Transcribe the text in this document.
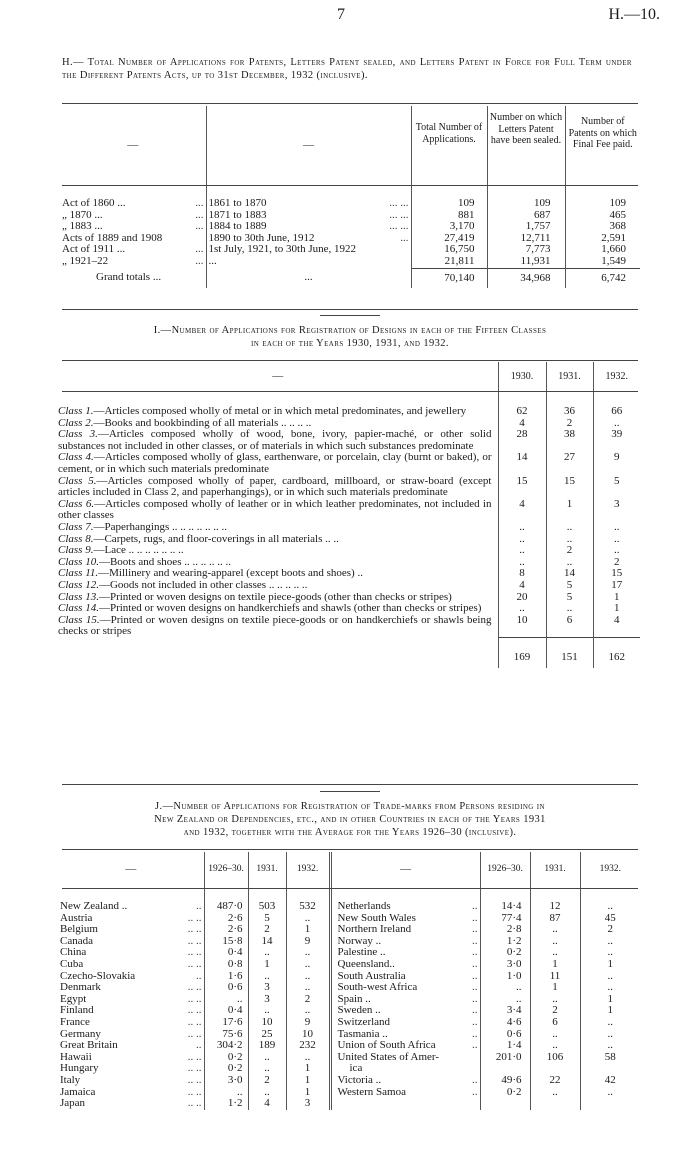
7	H.—10.
H.— Total Number of Applications for Patents, Letters Patent sealed, and Letters Patent in Force for Full Term under the Different Patents Acts, up to 31st December, 1932 (inclusive).
—	—	Total Number of Applications.	Number on which Letters Patent have been sealed.	Number of Patents on which Final Fee paid.
Act of 1860 ... ...	1861 to 1870 ... ...	109	109	109
„ 1870 ... ...	1871 to 1883 ... ...	881	687	465
„ 1883 ... ...	1884 to 1889 ... ...	3,170	1,757	368
Acts of 1889 and 1908	1890 to 30th June, 1912 ...	27,419	12,711	2,591
Act of 1911 ... ...	1st July, 1921, to 30th June, 1922	16,750	7,773	1,660
„ 1921–22 ...	...	21,811	11,931	1,549
Grand totals ...	...	70,140	34,968	6,742
I.—Number of Applications for Registration of Designs in each of the Fifteen Classes
in each of the Years 1930, 1931, and 1932.
—	1930.	1931.	1932.

Class 1.—Articles composed wholly of metal or in which metal predominates, and jewellery	62	36	66
Class 2.—Books and bookbinding of all materials .. .. .. ..	4	2	..
Class 3.—Articles composed wholly of wood, bone, ivory, papier-maché, or other solid substances not included in other classes, or of materials in which such substances predominate	28	38	39
Class 4.—Articles composed wholly of glass, earthenware, or porcelain, clay (burnt or baked), or cement, or in which such materials predominate	14	27	9
Class 5.—Articles composed wholly of paper, cardboard, millboard, or straw-board (except articles included in Class 2, and paperhangings), or in which such materials predominate	15	15	5
Class 6.—Articles composed wholly of leather or in which leather predominates, not included in other classes	4	1	3
Class 7.—Paperhangings .. .. .. .. .. .. ..	..	..	..
Class 8.—Carpets, rugs, and floor-coverings in all materials .. ..	..	..	..
Class 9.—Lace .. .. .. .. .. .. ..	..	2	..
Class 10.—Boots and shoes .. .. .. .. .. ..	..	..	2
Class 11.—Millinery and wearing-apparel (except boots and shoes) ..	8	14	15
Class 12.—Goods not included in other classes .. .. .. .. ..	4	5	17
Class 13.—Printed or woven designs on textile piece-goods (other than checks or stripes)	20	5	1
Class 14.—Printed or woven designs on handkerchiefs and shawls (other than checks or stripes)	..	..	1
Class 15.—Printed or woven designs on textile piece-goods or on handkerchiefs or shawls being checks or stripes	10	6	4
	169	151	162
J.—Number of Applications for Registration of Trade-marks from Persons residing in
New Zealand or Dependencies, etc., and in other Countries in each of the Years 1931
and 1932, together with the Average for the Years 1926–30 (inclusive).
—	1926–30.	1931.	1932.	—	1926–30.	1931.	1932.

New Zealand .. ..	487·0	503	532	Netherlands ..	14·4	12	..
Austria .. ..	2·6	5	..	New South Wales ..	77·4	87	45
Belgium .. ..	2·6	2	1	Northern Ireland ..	2·8	..	2
Canada .. ..	15·8	14	9	Norway .. ..	1·2	..	..
China .. ..	0·4	..	..	Palestine .. ..	0·2	..	..
Cuba .. ..	0·8	1	..	Queensland.. ..	3·0	1	1
Czecho-Slovakia ..	1·6	..	..	South Australia ..	1·0	11	..
Denmark .. ..	0·6	3	..	South-west Africa ..	..	1	..
Egypt .. ..	..	3	2	Spain .. ..	..	..	1
Finland .. ..	0·4	..	..	Sweden .. ..	3·4	2	1
France .. ..	17·6	10	9	Switzerland ..	4·6	6	..
Germany .. ..	75·6	25	10	Tasmania .. ..	0·6	..	..
Great Britain ..	304·2	189	232	Union of South Africa ..	1·4	..	..
Hawaii .. ..	0·2	..	..	United States of Amer-	201·0	106	58
Hungary .. ..	0·2	..	1	ica

Italy .. ..	3·0	2	1	Victoria .. ..	49·6	22	42
Jamaica .. ..	..	..	1	Western Samoa ..	0·2	..	..
Japan .. ..	1·2	4	3	
